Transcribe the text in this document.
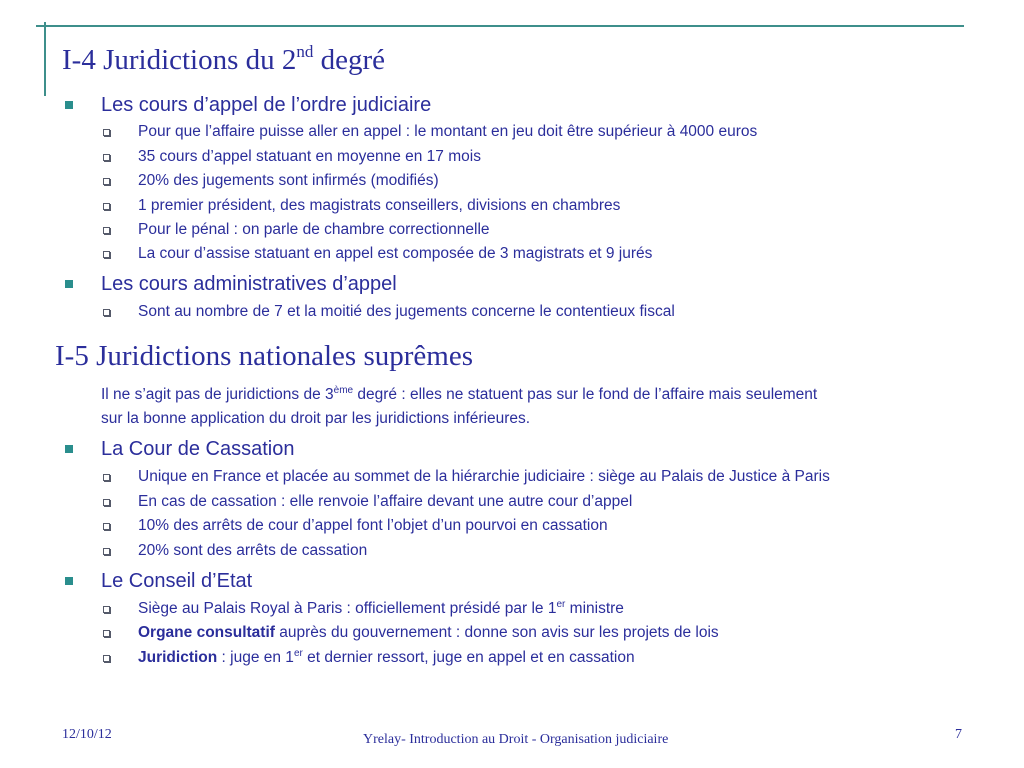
I-4 Juridictions du 2nd degré
Les cours d’appel de l’ordre judiciaire
Pour que l’affaire puisse aller en appel : le montant en jeu doit être supérieur à 4000 euros
35 cours d’appel statuant en moyenne en 17 mois
20% des jugements sont infirmés (modifiés)
1 premier président, des magistrats conseillers, divisions en chambres
Pour le pénal : on parle de chambre correctionnelle
La cour d’assise statuant en appel est composée de 3 magistrats et 9 jurés
Les cours administratives d’appel
Sont au nombre de 7 et la moitié des jugements concerne le contentieux fiscal
I-5 Juridictions nationales suprêmes
Il ne s’agit pas de juridictions de 3ème degré : elles ne statuent pas sur le fond de l’affaire mais seulement
sur la bonne application du droit par les juridictions inférieures.
La Cour de Cassation
Unique en France et placée au sommet de la hiérarchie judiciaire : siège au Palais de Justice à Paris
En cas de cassation : elle renvoie l’affaire devant une autre cour d’appel
10% des arrêts de cour d’appel font l’objet d’un pourvoi en cassation
20% sont des arrêts de cassation
Le Conseil d’Etat
Siège au Palais Royal à Paris : officiellement présidé par le 1er ministre
Organe consultatif auprès du gouvernement : donne son avis sur les projets de lois
Juridiction : juge en 1er et dernier ressort, juge en appel et en cassation
12/10/12	Yrelay- Introduction au Droit - Organisation judiciaire	7
